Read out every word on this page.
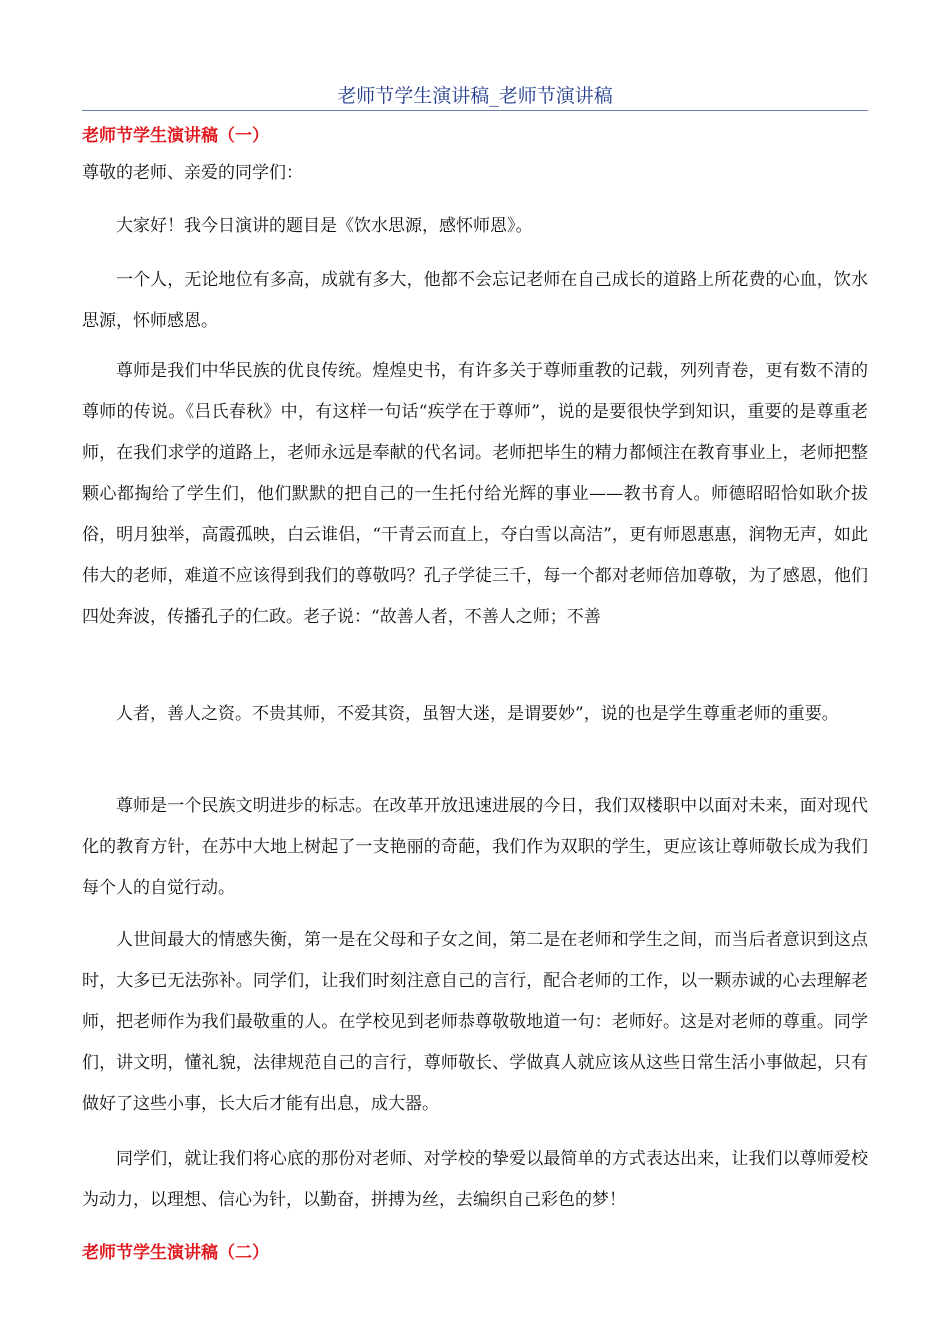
老师节学生演讲稿_老师节演讲稿
老师节学生演讲稿（一）
尊敬的老师、亲爱的同学们：

大家好！我今日演讲的题目是《饮水思源，感怀师恩》。

一个人，无论地位有多高，成就有多大，他都不会忘记老师在自己成长的道路上所花费的心血，饮水思源，怀师感恩。

尊师是我们中华民族的优良传统。煌煌史书，有许多关于尊师重教的记载，列列青卷，更有数不清的尊师的传说。《吕氏春秋》中，有这样一句话“疾学在于尊师”，说的是要很快学到知识，重要的是尊重老师，在我们求学的道路上，老师永远是奉献的代名词。老师把毕生的精力都倾注在教育事业上，老师把整颗心都掏给了学生们，他们默默的把自己的一生托付给光辉的事业——教书育人。师德昭昭恰如耿介拔俗，明月独举，高霞孤映，白云谁侣，“干青云而直上，夺白雪以高洁”，更有师恩惠惠，润物无声，如此伟大的老师，难道不应该得到我们的尊敬吗？孔子学徒三千，每一个都对老师倍加尊敬，为了感恩，他们四处奔波，传播孔子的仁政。老子说：“故善人者，不善人之师；不善

人者，善人之资。不贵其师，不爱其资，虽智大迷，是谓要妙”，说的也是学生尊重老师的重要。

尊师是一个民族文明进步的标志。在改革开放迅速进展的今日，我们双楼职中以面对未来，面对现代化的教育方针，在苏中大地上树起了一支艳丽的奇葩，我们作为双职的学生，更应该让尊师敬长成为我们每个人的自觉行动。

人世间最大的情感失衡，第一是在父母和子女之间，第二是在老师和学生之间，而当后者意识到这点时，大多已无法弥补。同学们，让我们时刻注意自己的言行，配合老师的工作，以一颗赤诚的心去理解老师，把老师作为我们最敬重的人。在学校见到老师恭尊敬敬地道一句：老师好。这是对老师的尊重。同学们，讲文明，懂礼貌，法律规范自己的言行，尊师敬长、学做真人就应该从这些日常生活小事做起，只有做好了这些小事，长大后才能有出息，成大器。

同学们，就让我们将心底的那份对老师、对学校的挚爱以最简单的方式表达出来，让我们以尊师爱校为动力，以理想、信心为针，以勤奋，拼搏为丝，去编织自己彩色的梦！

老师节学生演讲稿（二）
